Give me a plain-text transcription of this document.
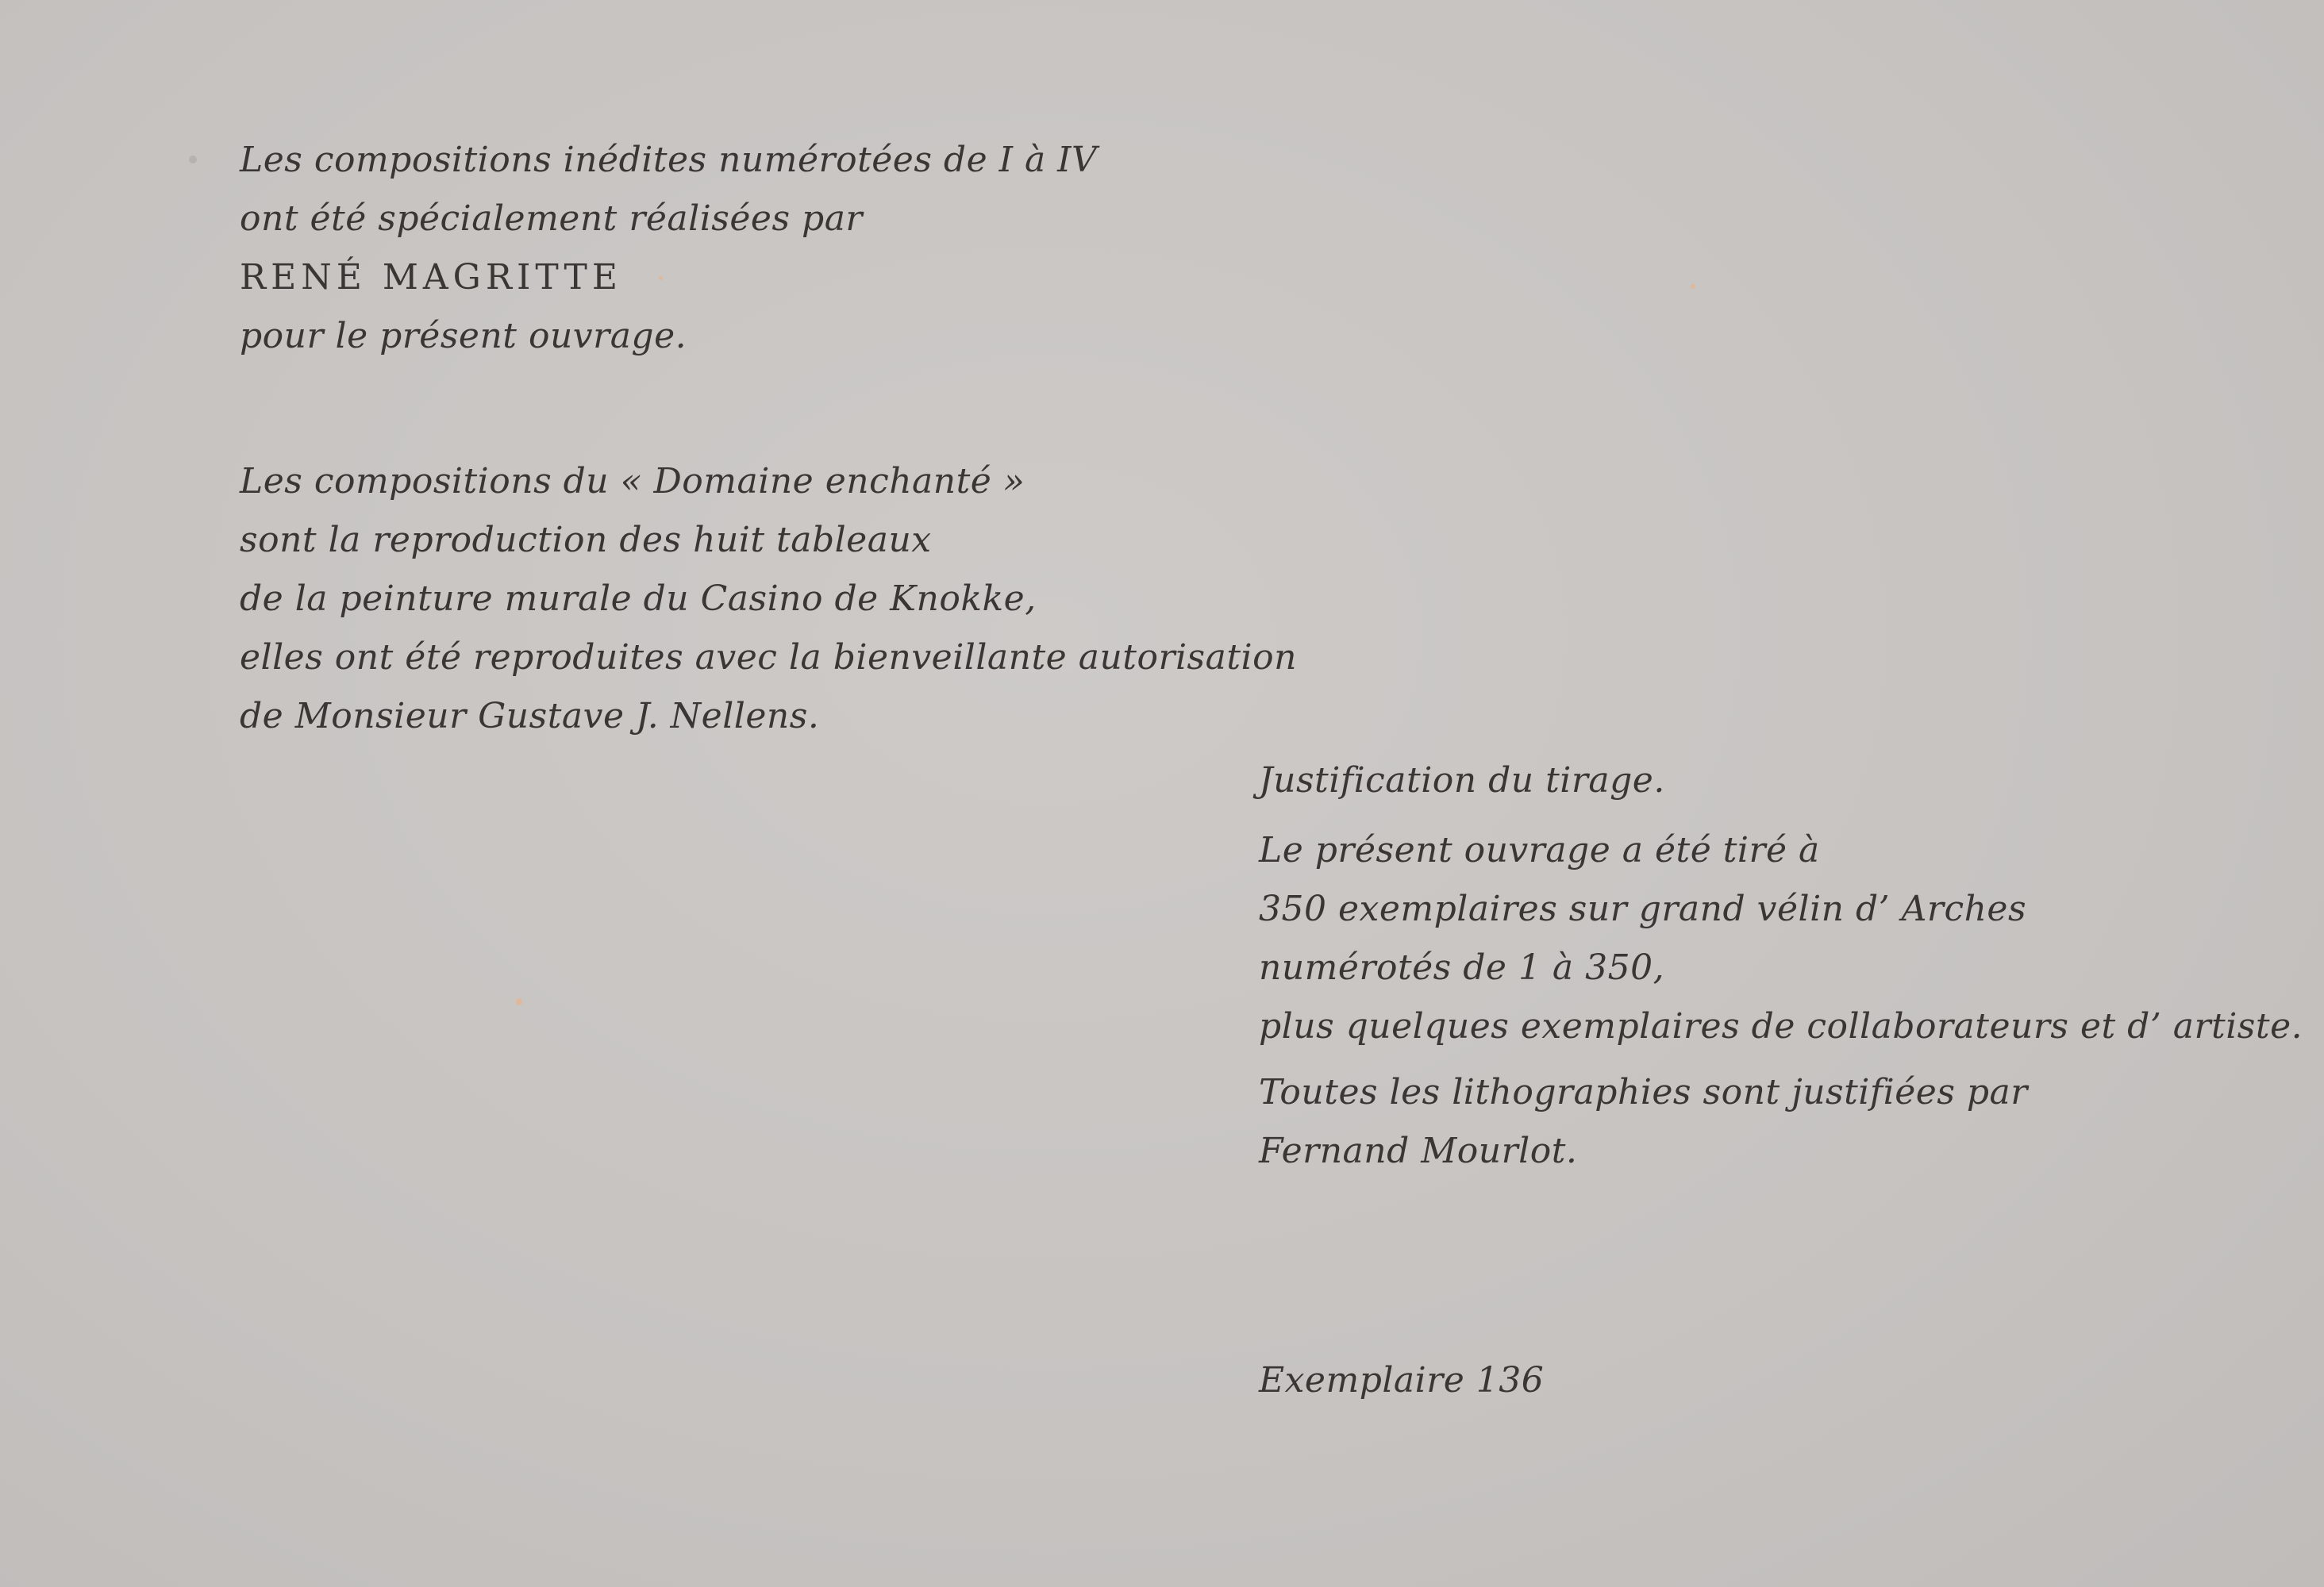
Les compositions inédites numérotées de I à IV
ont été spécialement réalisées par
RENÉ MAGRITTE
pour le présent ouvrage.
Les compositions du « Domaine enchanté »
sont la reproduction des huit tableaux
de la peinture murale du Casino de Knokke,
elles ont été reproduites avec la bienveillante autorisation
de Monsieur Gustave J. Nellens.
Justification du tirage.
Le présent ouvrage a été tiré à
350 exemplaires sur grand vélin d’ Arches
numérotés de 1 à 350,
plus quelques exemplaires de collaborateurs et d’ artiste.
Toutes les lithographies sont justifiées par
Fernand Mourlot.
Exemplaire 136
